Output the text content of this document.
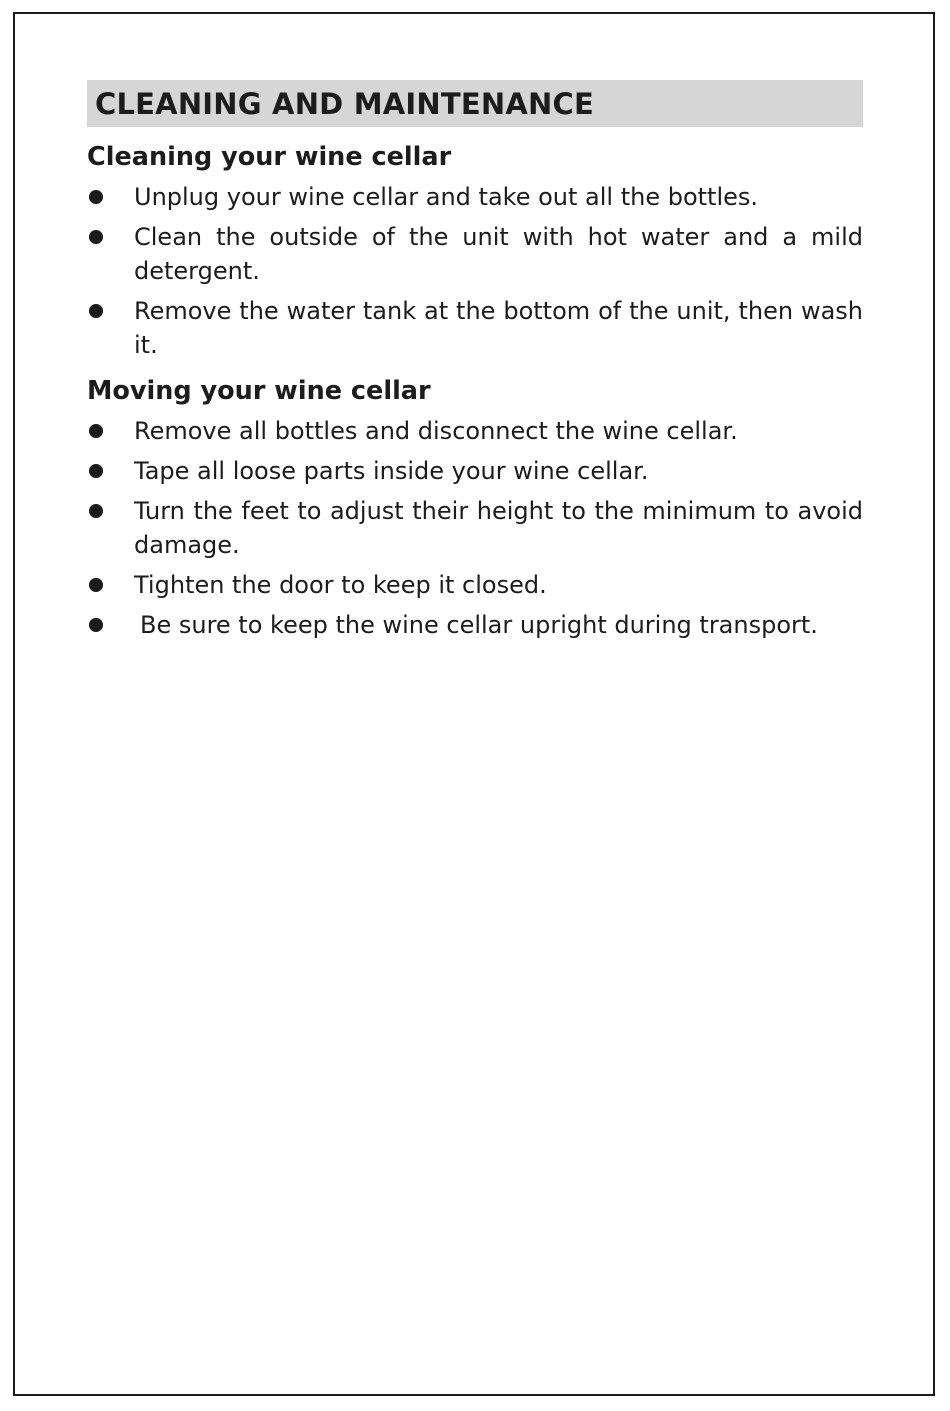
CLEANING AND MAINTENANCE
Cleaning your wine cellar
Unplug your wine cellar and take out all the bottles.
Clean the outside of the unit with hot water and a mild detergent.
Remove the water tank at the bottom of the unit, then wash it.
Moving your wine cellar
Remove all bottles and disconnect the wine cellar.
Tape all loose parts inside your wine cellar.
Turn the feet to adjust their height to the minimum to avoid damage.
Tighten the door to keep it closed.
Be sure to keep the wine cellar upright during transport.
